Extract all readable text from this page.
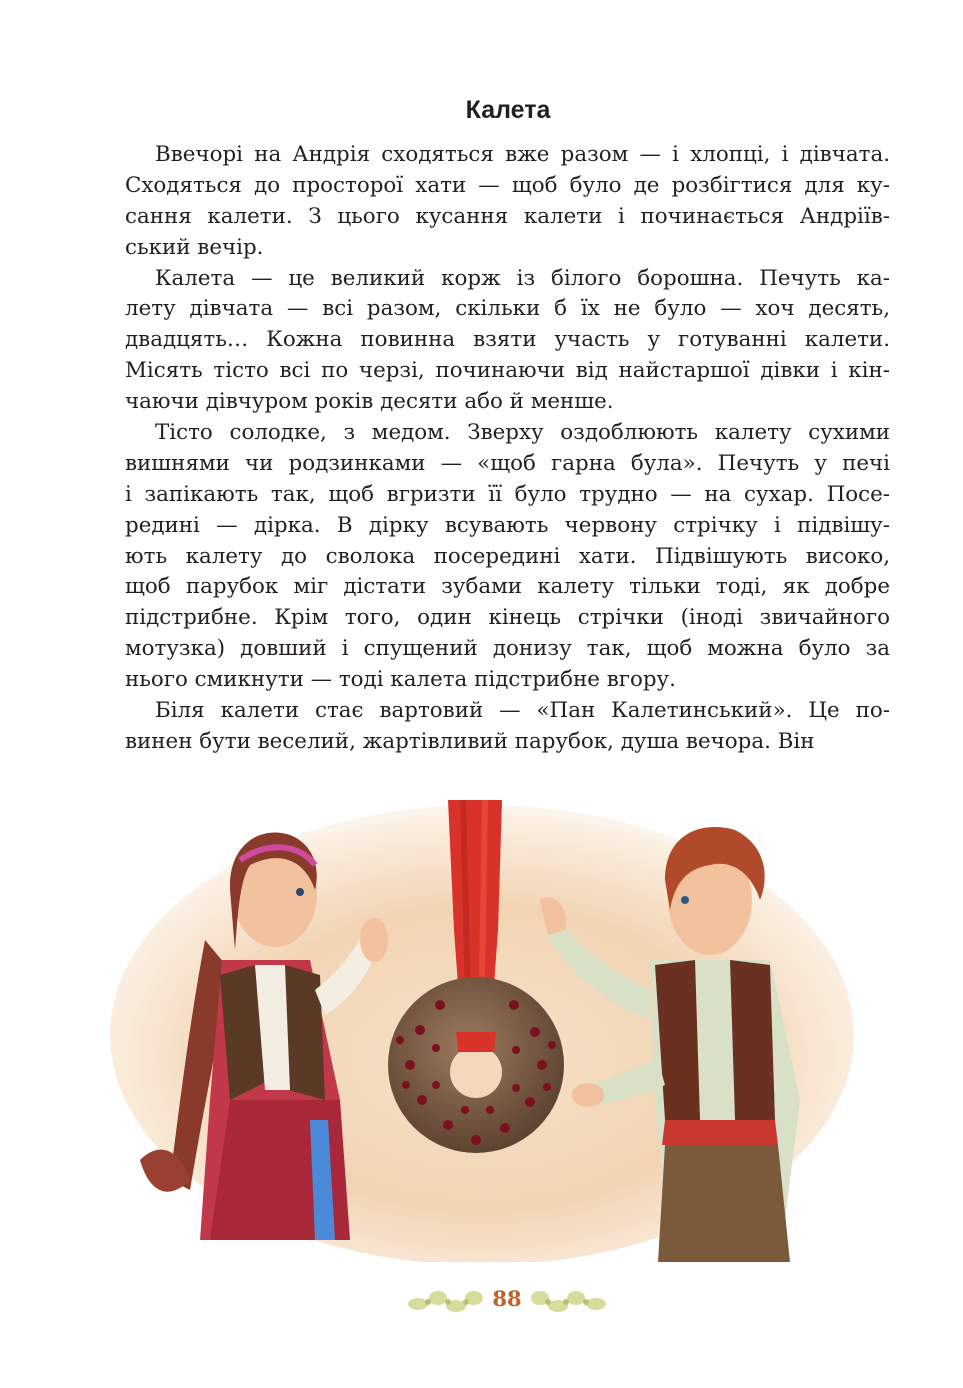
Калета
Ввечорі на Андрія сходяться вже разом — і хлопці, і дівчата.
Сходяться до просторої хати — щоб було де розбігтися для ку-
сання калети. З цього кусання калети і починається Андріїв-
ський вечір.
Калета — це великий корж із білого борошна. Печуть ка-
лету дівчата — всі разом, скільки б їх не було — хоч десять,
двадцять… Кожна повинна взяти участь у готуванні калети.
Місять тісто всі по черзі, починаючи від найстаршої дівки і кін-
чаючи дівчуром років десяти або й менше.
Тісто солодке, з медом. Зверху оздоблюють калету сухими
вишнями чи родзинками — «щоб гарна була». Печуть у печі
і запікають так, щоб вгризти її було трудно — на сухар. Посе-
редині — дірка. В дірку всувають червону стрічку і підвішу-
ють калету до сволока посередині хати. Підвішують високо,
щоб парубок міг дістати зубами калету тільки тоді, як добре
підстрибне. Крім того, один кінець стрічки (іноді звичайного
мотузка) довший і спущений донизу так, щоб можна було за
нього смикнути — тоді калета підстрибне вгору.
Біля калети стає вартовий — «Пан Калетинський». Це по-
винен бути веселий, жартівливий парубок, душа вечора. Він
88
